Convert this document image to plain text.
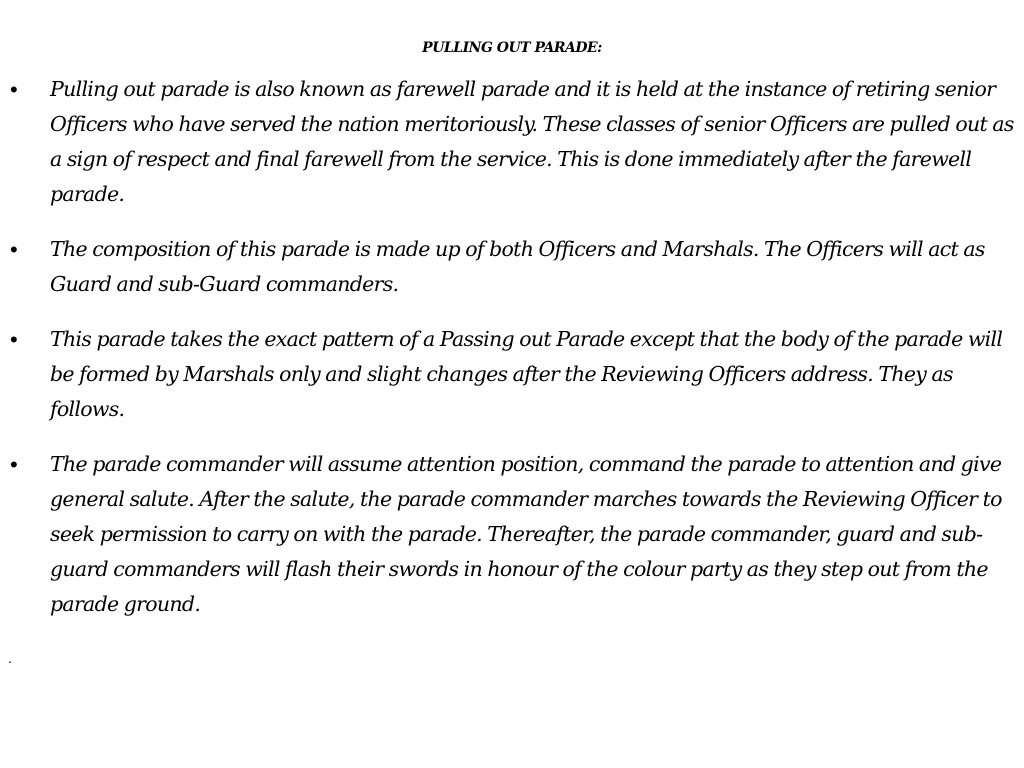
PULLING OUT PARADE:
• Pulling out parade is also known as farewell parade and it is held at the instance of retiring senior Officers who have served the nation meritoriously. These classes of senior Officers are pulled out as a sign of respect and final farewell from the service. This is done immediately after the farewell parade.
• The composition of this parade is made up of both Officers and Marshals. The Officers will act as Guard and sub-Guard commanders.
• This parade takes the exact pattern of a Passing out Parade except that the body of the parade will be formed by Marshals only and slight changes after the Reviewing Officers address. They as follows.
• The parade commander will assume attention position, command the parade to attention and give general salute. After the salute, the parade commander marches towards the Reviewing Officer to seek permission to carry on with the parade. Thereafter, the parade commander, guard and sub-guard commanders will flash their swords in honour of the colour party as they step out from the parade ground.
.
